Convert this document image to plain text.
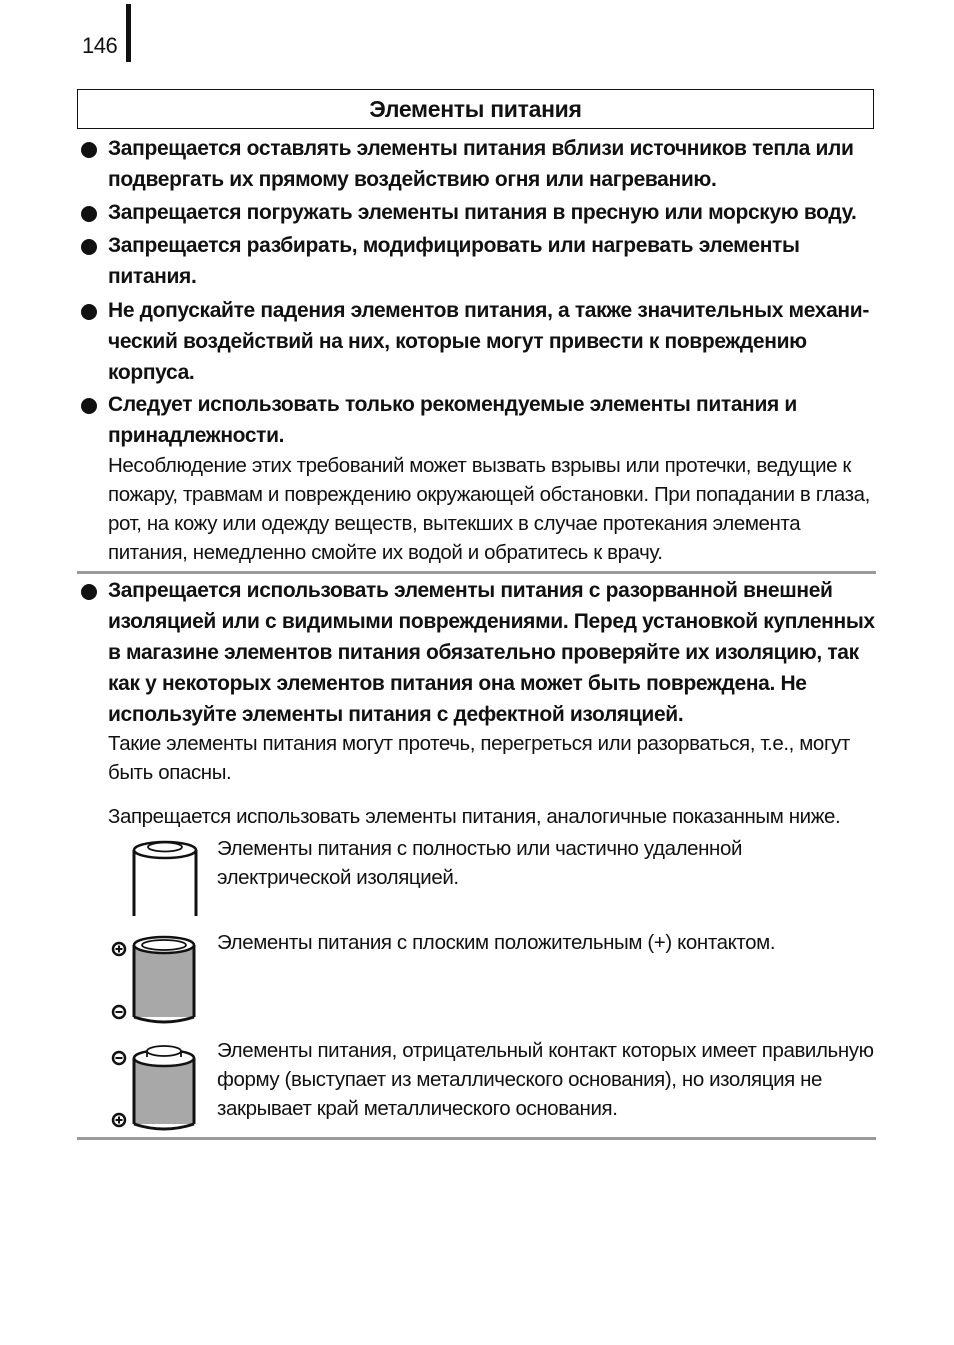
146
Элементы питания
Запрещается оставлять элементы питания вблизи источников тепла или подвергать их прямому воздействию огня или нагреванию.
Запрещается погружать элементы питания в пресную или морскую воду.
Запрещается разбирать, модифицировать или нагревать элементы питания.
Не допускайте падения элементов питания, а также значительных механи-ческий воздействий на них, которые могут привести к повреждению корпуса.
Следует использовать только рекомендуемые элементы питания и принадлежности.
Несоблюдение этих требований может вызвать взрывы или протечки, ведущие к пожару, травмам и повреждению окружающей обстановки. При попадании в глаза, рот, на кожу или одежду веществ, вытекших в случае протекания элемента питания, немедленно смойте их водой и обратитесь к врачу.
Запрещается использовать элементы питания с разорванной внешней изоляцией или с видимыми повреждениями. Перед установкой купленных в магазине элементов питания обязательно проверяйте их изоляцию, так как у некоторых элементов питания она может быть повреждена. Не используйте элементы питания с дефектной изоляцией.
Такие элементы питания могут протечь, перегреться или разорваться, т.е., могут быть опасны.
Запрещается использовать элементы питания, аналогичные показанным ниже.
Элементы питания с полностью или частично удаленной электрической изоляцией.
Элементы питания с плоским положительным (+) контактом.
Элементы питания, отрицательный контакт которых имеет правильную форму (выступает из металлического основания), но изоляция не закрывает край металлического основания.
